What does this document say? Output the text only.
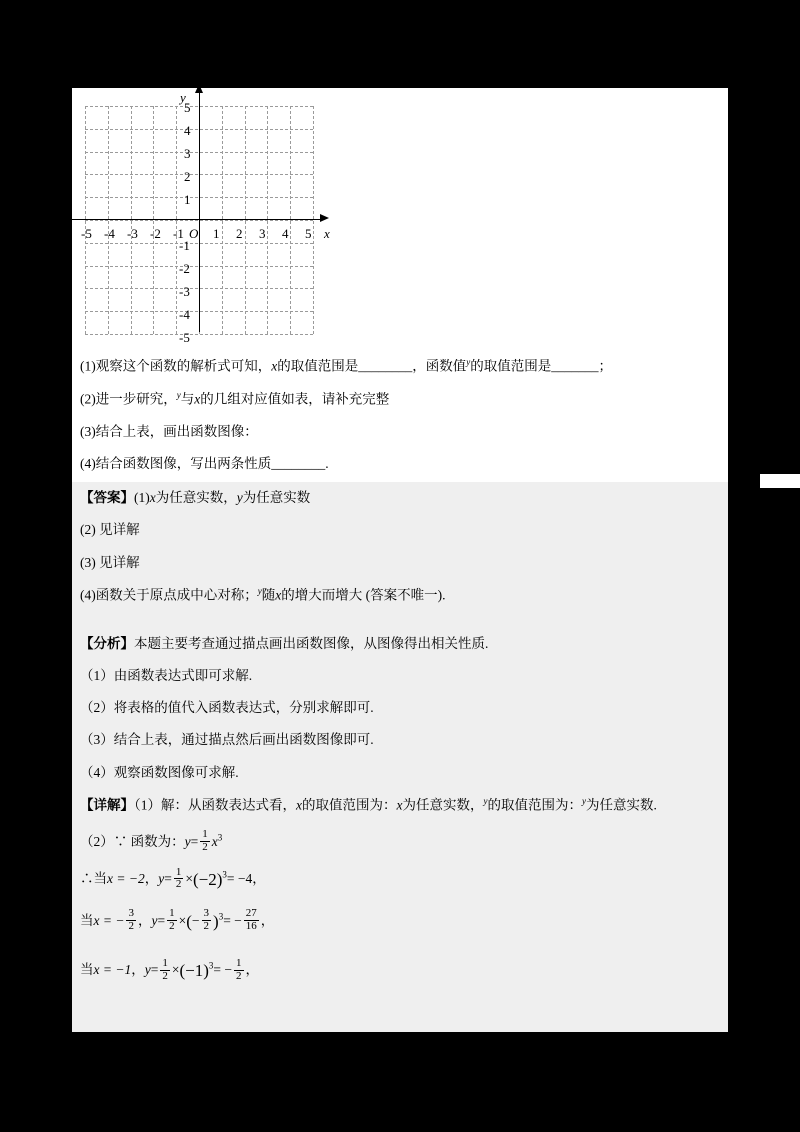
y
x
5
4
3
2
1
-1
-2
-3
-4
-5
-5 -4 -3 -2 -1 O 1 2 3 4 5

(1)观察这个函数的解析式可知，x的取值范围是________，函数值$^y$的取值范围是_______；

(2)进一步研究，$^y$与x的几组对应值如表，请补充完整

(3)结合上表，画出函数图像：

(4)结合函数图像，写出两条性质________.

【答案】(1)x为任意实数，y为任意实数

(2) 见详解

(3) 见详解

(4)函数关于原点成中心对称；$^y$随x的增大而增大 (答案不唯一).

【分析】本题主要考查通过描点画出函数图像，从图像得出相关性质.

（1）由函数表达式即可求解.

（2）将表格的值代入函数表达式，分别求解即可.

（3）结合上表，通过描点然后画出函数图像即可.

（4）观察函数图像可求解.

【详解】（1）解：从函数表达式看，x的取值范围为：x为任意实数，$^y$的取值范围为：$^y$为任意实数.

（2）∵ 函数为：$y= \frac{1}{2} x^3$

∴当x = −2，$y= \frac{1}{2} \times(-2)^3= -4$，

当x = − $\frac{3}{2}$ ，$y= \frac{1}{2}$ ×(− $\frac{3}{2} )^3= - \frac{27}{16}$ ，

当x = −1，$y= \frac{1}{2} \times(-1)^3= - \frac{1}{2}$ ，
